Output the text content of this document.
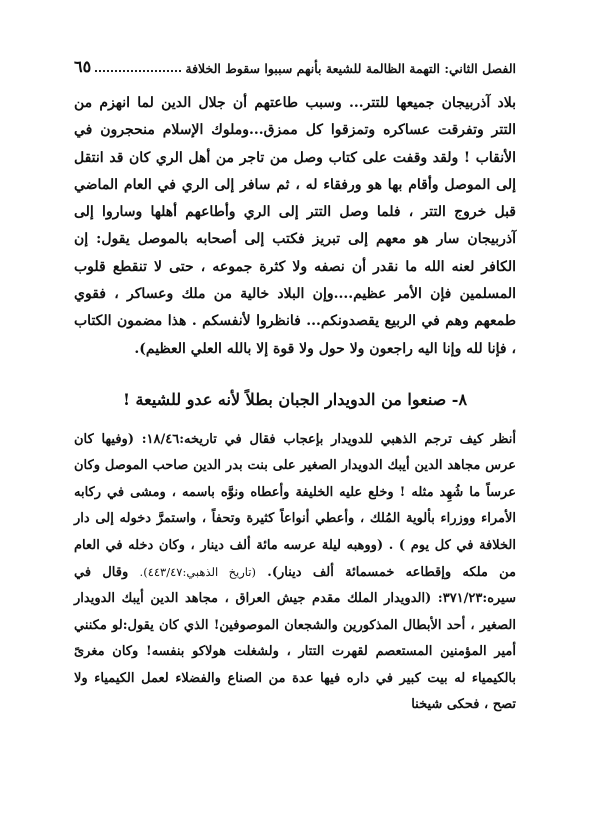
الفصل الثاني: التهمة الظالمة للشيعة بأنهم سببوا سقوط الخلافة
٦٥

بلاد آذربيجان جميعها للتتر... وسبب طاعتهم أن جلال الدين لما انهزم من التتر وتفرقت عساكره وتمزقوا كل ممزق...وملوك الإسلام منحجرون في الأنقاب ! ولقد وقفت على كتاب وصل من تاجر من أهل الري كان قد انتقل إلى الموصل وأقام بها هو ورفقاء له ، ثم سافر إلى الري في العام الماضي قبل خروج التتر ، فلما وصل التتر إلى الري وأطاعهم أهلها وساروا إلى آذربيجان سار هو معهم إلى تبريز فكتب إلى أصحابه بالموصل يقول: إن الكافر لعنه الله ما نقدر أن نصفه ولا كثرة جموعه ، حتى لا تنقطع قلوب المسلمين فإن الأمر عظيم....وإن البلاد خالية من ملك وعساكر ، فقوي طمعهم وهم في الربيع يقصدونكم... فانظروا لأنفسكم . هذا مضمون الكتاب ، فإنا لله وإنا اليه راجعون ولا حول ولا قوة إلا بالله العلي العظيم).

٨- صنعوا من الدويدار الجبان بطلاً لأنه عدو للشيعة !

أنظر كيف ترجم الذهبي للدويدار بإعجاب فقال في تاريخه:١٨/٤٦: (وفيها كان عرس مجاهد الدين أيبك الدويدار الصغير على بنت بدر الدين صاحب الموصل وكان عرساً ما شُهِد مثله ! وخلع عليه الخليفة وأعطاه ونوَّه باسمه ، ومشى في ركابه الأمراء ووزراء بألوية المُلك ، وأعطي أنواعاً كثيرة وتحفاً ، واستمرَّ دخوله إلى دار الخلافة في كل يوم ) . (ووهبه ليلة عرسه مائة ألف دينار ، وكان دخله في العام من ملكه وإقطاعه خمسمائة ألف دينار). (تاريخ الذهبي:٤٤٣/٤٧). وقال في سيره:٣٧١/٢٣: (الدويدار الملك مقدم جيش العراق ، مجاهد الدين أيبك الدويدار الصغير ، أحد الأبطال المذكورين والشجعان الموصوفين! الذي كان يقول:لو مكنني أمير المؤمنين المستعصم لقهرت التتار ، ولشغلت هولاكو بنفسه! وكان مغرىً بالكيمياء له بيت كبير في داره فيها عدة من الصناع والفضلاء لعمل الكيمياء ولا تصح ، فحكى شيخنا
